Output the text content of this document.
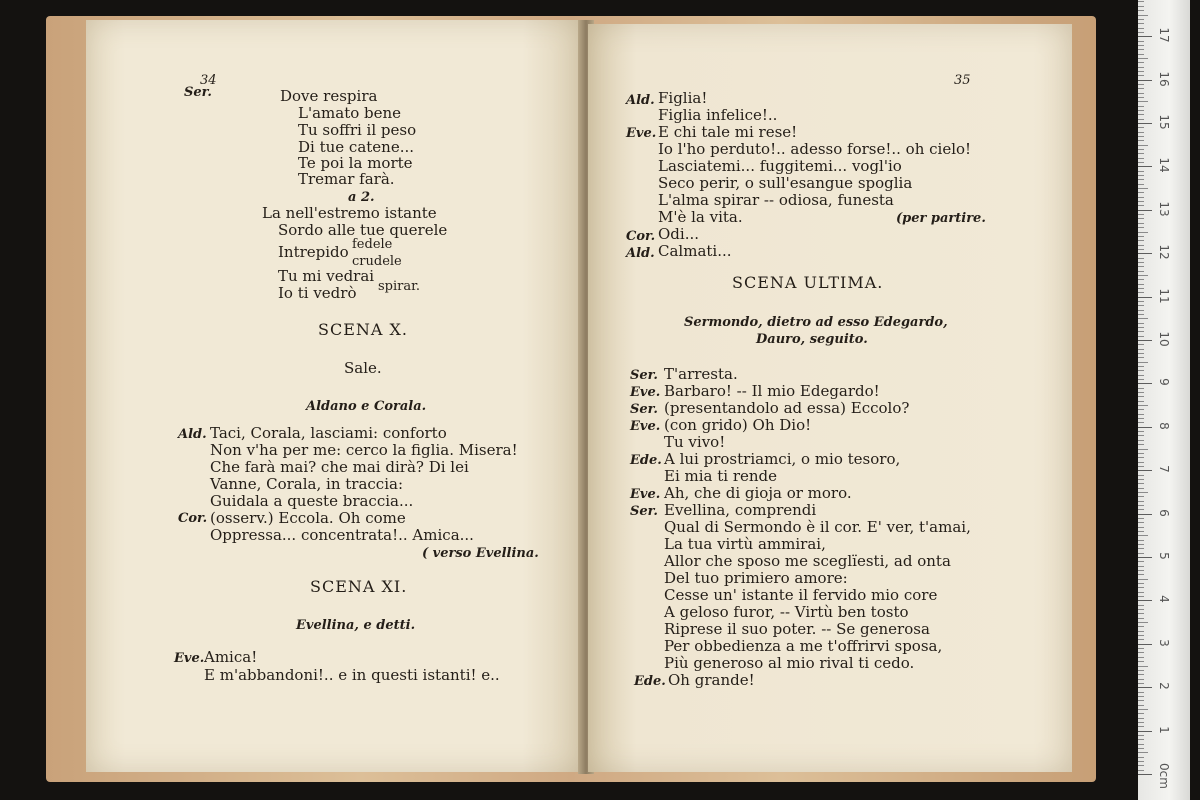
34
Ser.	Dove respira
L'amato bene
Tu soffri il peso
Di tue catene...
Te poi la morte
Tremar farà.
a 2.
La nell'estremo istante
Sordo alle tue querele
Intrepido fedele
crudele
Tu mi vedrai
spirar.
Io ti vedrò
SCENA X.
Sale.
Aldano e Corala.
Ald. Taci, Corala, lasciami: conforto
Non v'ha per me: cerco la figlia. Misera!
Che farà mai? che mai dirà? Di lei
Vanne, Corala, in traccia:
Guidala a queste braccia...
Cor. (osserv.) Eccola. Oh come
Oppressa... concentrata!.. Amica...
( verso Evellina.
SCENA XI.
Evellina, e detti.
Eve. Amica!
E m'abbandoni!.. e in questi istanti! e..
35
Ald. Figlia!
Figlia infelice!..
Eve. E chi tale mi rese!
Io l'ho perduto!.. adesso forse!.. oh cielo!
Lasciatemi... fuggitemi... vogl'io
Seco perir, o sull'esangue spoglia
L'alma spirar -- odiosa, funesta
M'è la vita.	(per partire.
Cor. Odi...
Ald. Calmati...
SCENA ULTIMA.
Sermondo, dietro ad esso Edegardo,
Dauro, seguito.
Ser. T'arresta.
Eve. Barbaro! -- Il mio Edegardo!
Ser. (presentandolo ad essa) Eccolo?
Eve. (con grido) Oh Dio!
Tu vivo!
Ede. A lui prostriamci, o mio tesoro,
Ei mia ti rende
Eve. Ah, che di gioja or moro.
Ser. Evellina, comprendi
Qual di Sermondo è il cor. E' ver, t'amai,
La tua virtù ammirai,
Allor che sposo me sceglïesti, ad onta
Del tuo primiero amore:
Cesse un' istante il fervido mio core
A geloso furor, -- Virtù ben tosto
Riprese il suo poter. -- Se generosa
Per obbedienza a me t'offrirvi sposa,
Più generoso al mio rival ti cedo.
Ede. Oh grande!
0cm
1
2
3
4
5
6
7
8
9
10
11
12
13
14
15
16
17
